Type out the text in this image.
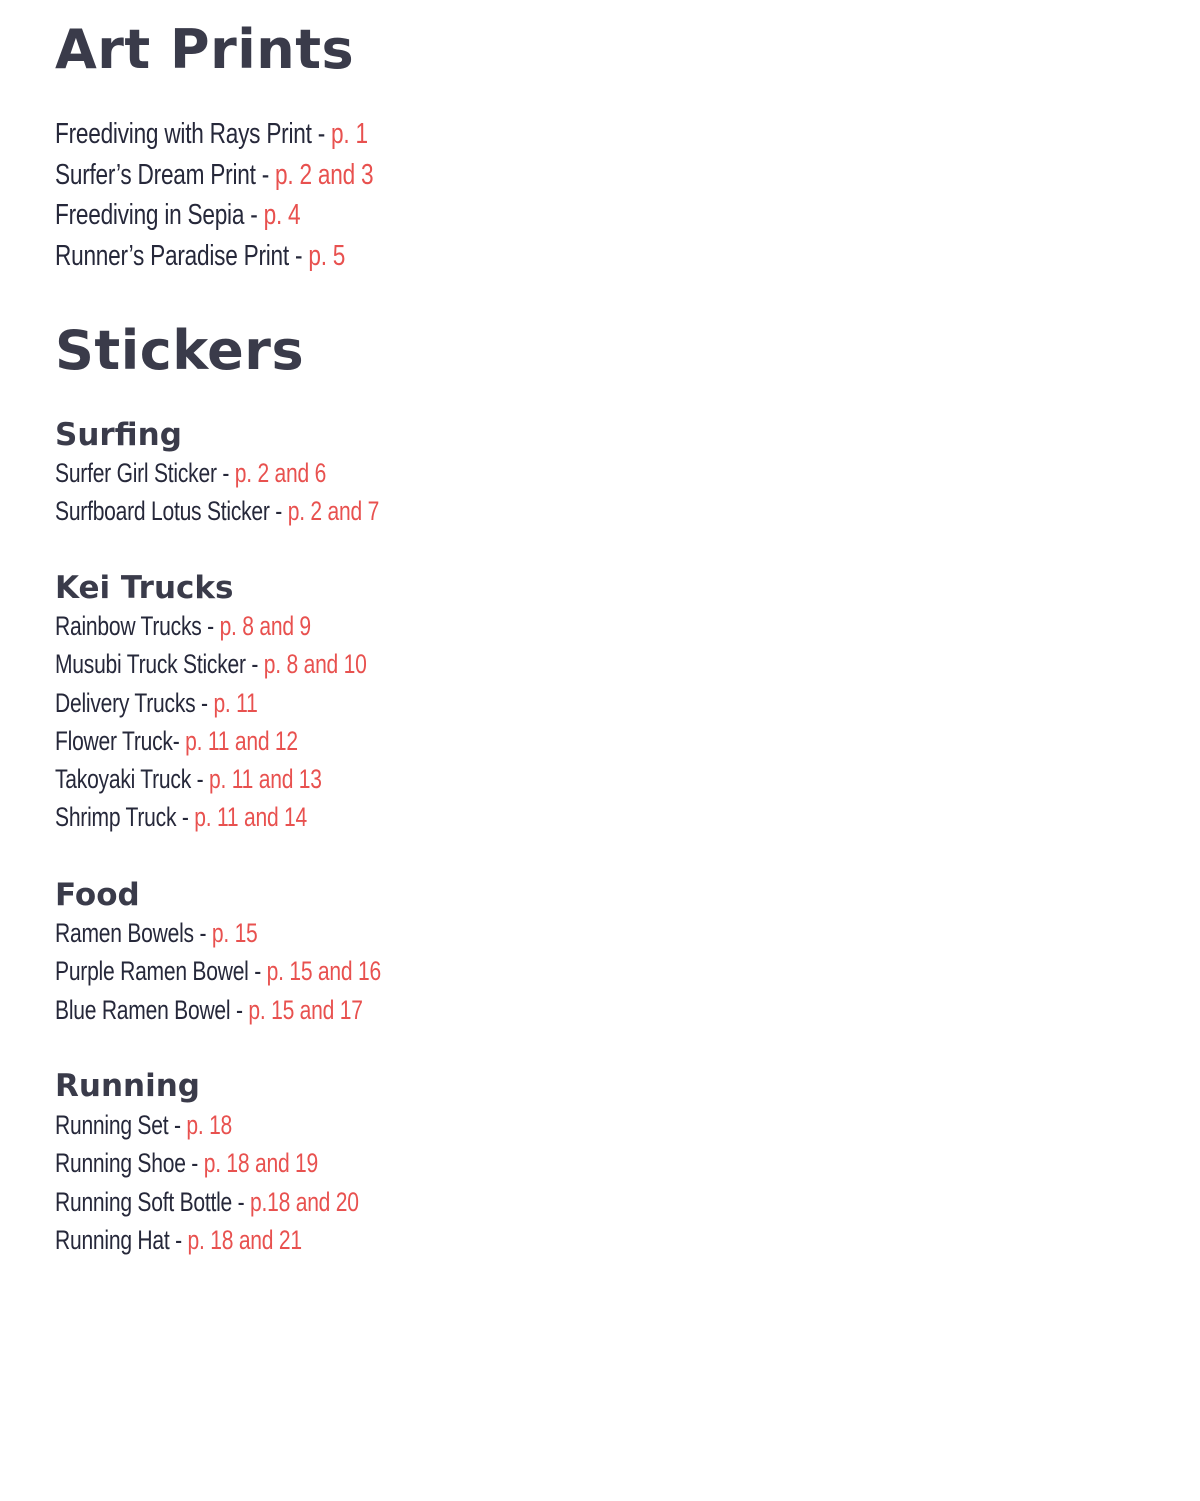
Art Prints
Freediving with Rays Print - p. 1
Surfer’s Dream Print - p. 2 and 3
Freediving in Sepia - p. 4
Runner’s Paradise Print - p. 5
Stickers
Surfing
Surfer Girl Sticker - p. 2 and 6
Surfboard Lotus Sticker - p. 2 and 7
Kei Trucks
Rainbow Trucks - p. 8 and 9
Musubi Truck Sticker - p. 8 and 10
Delivery Trucks - p. 11
Flower Truck- p. 11 and 12
Takoyaki Truck - p. 11 and 13
Shrimp Truck - p. 11 and 14
Food
Ramen Bowels - p. 15
Purple Ramen Bowel - p. 15 and 16
Blue Ramen Bowel - p. 15 and 17
Running
Running Set - p. 18
Running Shoe - p. 18 and 19
Running Soft Bottle - p.18 and 20
Running Hat - p. 18 and 21
